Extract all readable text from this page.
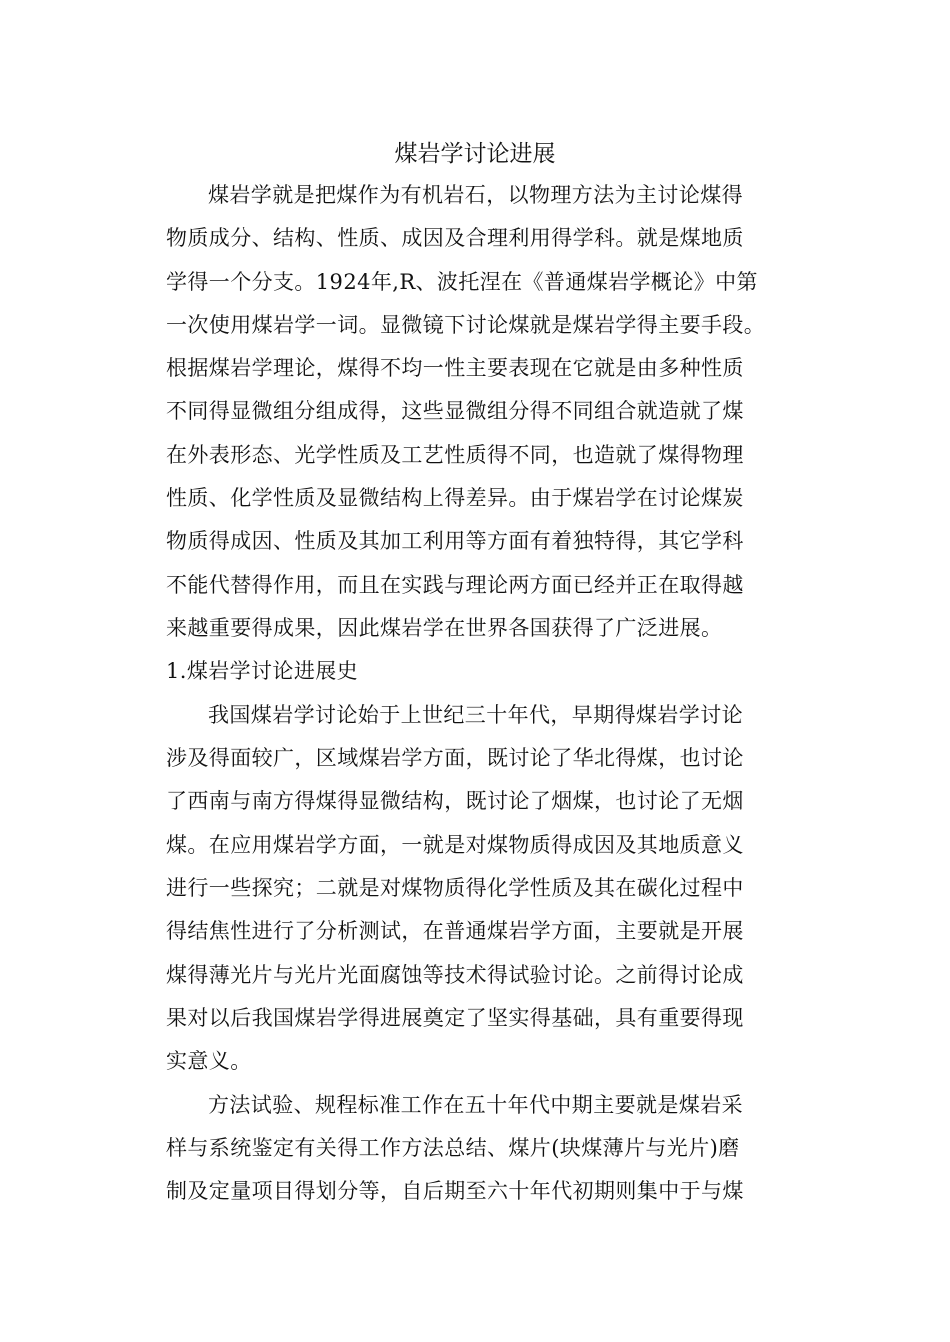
煤岩学讨论进展
煤岩学就是把煤作为有机岩石，以物理方法为主讨论煤得
物质成分、结构、性质、成因及合理利用得学科。就是煤地质
学得一个分支。1924年,R、波托涅在《普通煤岩学概论》中第
一次使用煤岩学一词。显微镜下讨论煤就是煤岩学得主要手段。
根据煤岩学理论，煤得不均一性主要表现在它就是由多种性质
不同得显微组分组成得，这些显微组分得不同组合就造就了煤
在外表形态、光学性质及工艺性质得不同，也造就了煤得物理
性质、化学性质及显微结构上得差异。由于煤岩学在讨论煤炭
物质得成因、性质及其加工利用等方面有着独特得，其它学科
不能代替得作用，而且在实践与理论两方面已经并正在取得越
来越重要得成果，因此煤岩学在世界各国获得了广泛进展。
1.煤岩学讨论进展史
我国煤岩学讨论始于上世纪三十年代，早期得煤岩学讨论
涉及得面较广，区域煤岩学方面，既讨论了华北得煤，也讨论
了西南与南方得煤得显微结构，既讨论了烟煤，也讨论了无烟
煤。在应用煤岩学方面，一就是对煤物质得成因及其地质意义
进行一些探究；二就是对煤物质得化学性质及其在碳化过程中
得结焦性进行了分析测试，在普通煤岩学方面，主要就是开展
煤得薄光片与光片光面腐蚀等技术得试验讨论。之前得讨论成
果对以后我国煤岩学得进展奠定了坚实得基础，具有重要得现
实意义。
方法试验、规程标准工作在五十年代中期主要就是煤岩采
样与系统鉴定有关得工作方法总结、煤片(块煤薄片与光片)磨
制及定量项目得划分等，自后期至六十年代初期则集中于与煤
